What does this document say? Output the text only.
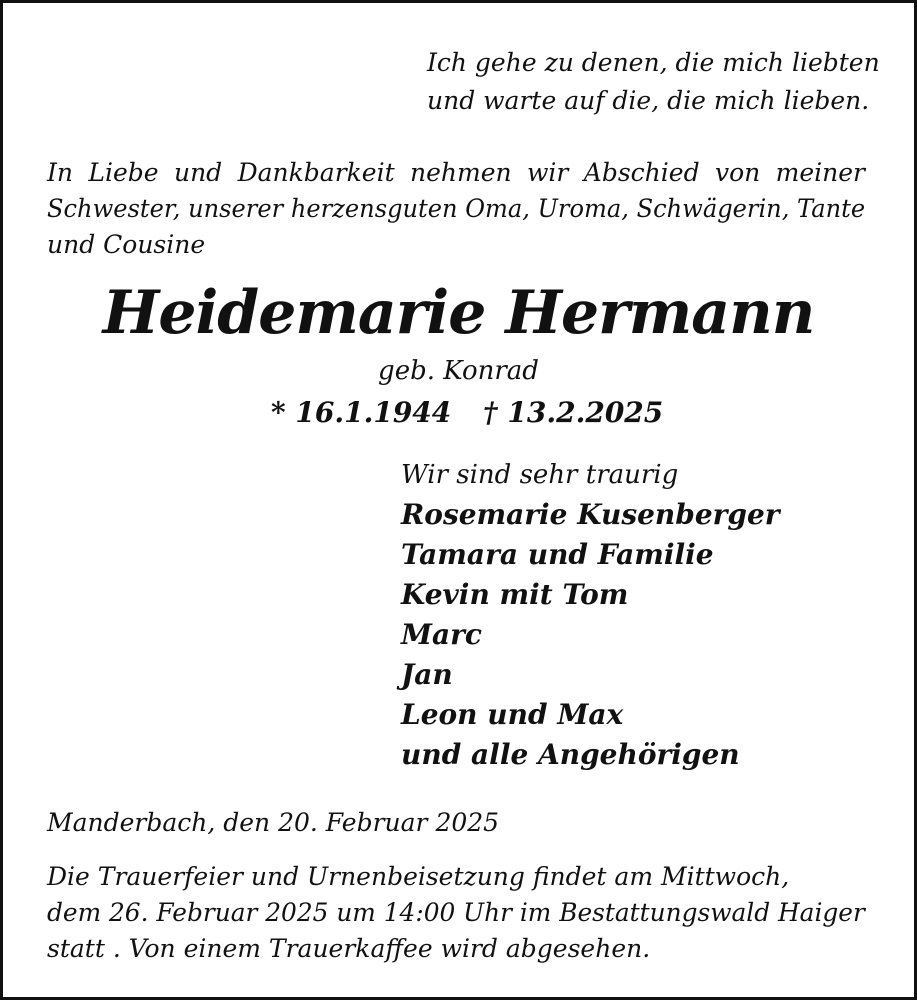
Ich gehe zu denen, die mich liebten

und warte auf die, die mich lieben.

In Liebe und Dankbarkeit nehmen wir Abschied von meiner

Schwester, unserer herzensguten Oma, Uroma, Schwägerin, Tante

und Cousine

Heidemarie Hermann

geb. Konrad

* 16.1.1944 † 13.2.2025

Wir sind sehr traurig

Rosemarie Kusenberger

Tamara und Familie

Kevin mit Tom

Marc

Jan

Leon und Max

und alle Angehörigen

Manderbach, den 20. Februar 2025

Die Trauerfeier und Urnenbeisetzung findet am Mittwoch,

dem 26. Februar 2025 um 14:00 Uhr im Bestattungswald Haiger

statt . Von einem Trauerkaffee wird abgesehen.
